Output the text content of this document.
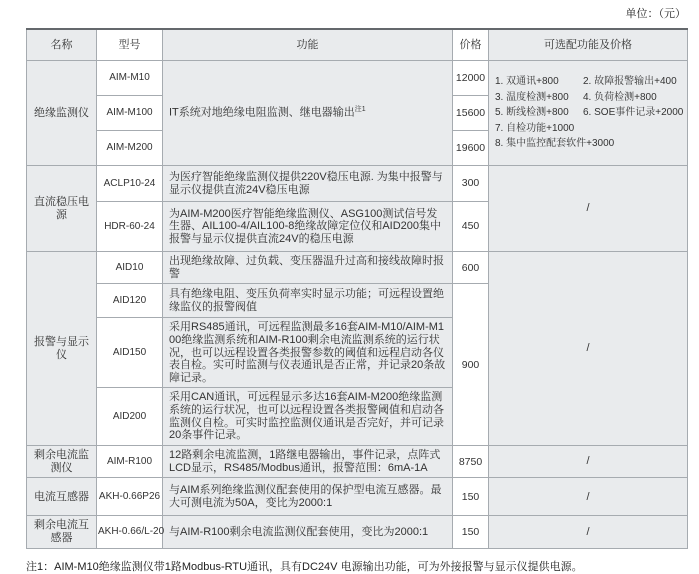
单位：（元）
名称	型号	功能	价格	可选配功能及价格
绝缘监测仪	AIM-M10	IT系统对地绝缘电阻监测、继电器输出$^{注1}$	12000	1. 双通讯+800 2. 故障报警输出+400
3. 温度检测+800 4. 负荷检测+800
5. 断线检测+800 6. SOE事件记录+2000
7. 自检功能+1000
8. 集中监控配套软件+3000

	AIM-M100		15600	
	AIM-M200		19600	
直流稳压电源	ACLP10-24	为医疗智能绝缘监测仪提供220V稳压电源. 为集中报警与显示仪提供直流24V稳压电源	300	/
	HDR-60-24	为AIM-M200医疗智能绝缘监测仪、ASG100测试信号发生器、AIL100-4/AIL100-8绝缘故障定位仪和AID200集中报警与显示仪提供直流24V的稳压电源	450	
报警与显示仪	AID10	出现绝缘故障、过负载、变压器温升过高和接线故障时报警	600	/
	AID120	具有绝缘电阻、变压负荷率实时显示功能；可远程设置绝缘监仪的报警阀值	900	
	AID150	采用RS485通讯，可远程监测最多16套AIM-M10/AIM-M100绝缘监测系统和AIM-R100剩余电流监测系统的运行状况，也可以远程设置各类报警参数的阈值和远程启动各仪表自检。实可时监测与仪表通讯是否正常，并记录20条故障记录。		
	AID200	采用CAN通讯，可远程显示多达16套AIM-M200绝缘监测系统的运行状况，也可以远程设置各类报警阈值和启动各监测仪自检。可实时监控监测仪通讯是否完好，并可记录20条事件记录。		
剩余电流监测仪	AIM-R100	12路剩余电流监测，1路继电器输出，事件记录，点阵式LCD显示，RS485/Modbus通讯，报警范围：6mA-1A	8750	/
电流互感器	AKH-0.66P26	与AIM系列绝缘监测仪配套使用的保护型电流互感器。最大可测电流为50A，变比为2000:1	150	/
剩余电流互感器	AKH-0.66/L-20	与AIM-R100剩余电流监测仪配套使用，变比为2000:1	150	/
注1：AIM-M10绝缘监测仪带1路Modbus-RTU通讯，具有DC24V 电源输出功能，可为外接报警与显示仪提供电源。
